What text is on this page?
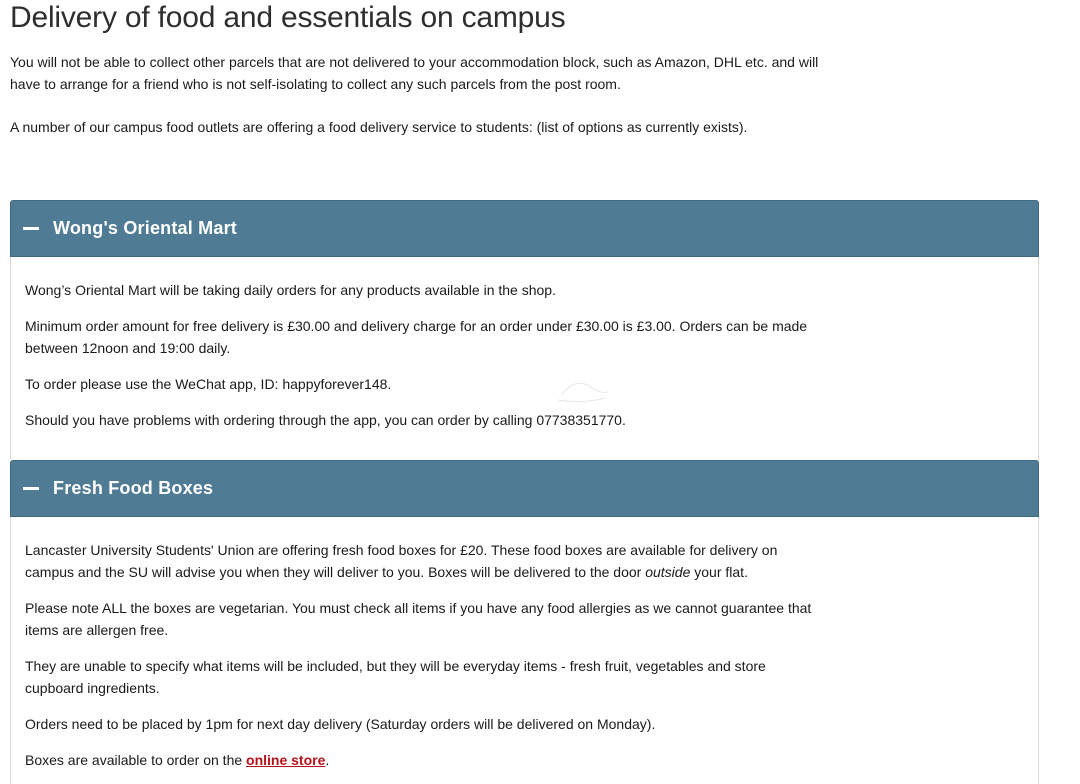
Delivery of food and essentials on campus

You will not be able to collect other parcels that are not delivered to your accommodation block, such as Amazon, DHL etc. and will have to arrange for a friend who is not self-isolating to collect any such parcels from the post room.

A number of our campus food outlets are offering a food delivery service to students: (list of options as currently exists).

Wong's Oriental Mart

Wong’s Oriental Mart will be taking daily orders for any products available in the shop.

Minimum order amount for free delivery is £30.00 and delivery charge for an order under £30.00 is £3.00. Orders can be made between 12noon and 19:00 daily.

To order please use the WeChat app, ID: happyforever148.

Should you have problems with ordering through the app, you can order by calling 07738351770.

Fresh Food Boxes

Lancaster University Students' Union are offering fresh food boxes for £20. These food boxes are available for delivery on campus and the SU will advise you when they will deliver to you. Boxes will be delivered to the door outside your flat.

Please note ALL the boxes are vegetarian. You must check all items if you have any food allergies as we cannot guarantee that items are allergen free.

They are unable to specify what items will be included, but they will be everyday items - fresh fruit, vegetables and store cupboard ingredients.

Orders need to be placed by 1pm for next day delivery (Saturday orders will be delivered on Monday).

Boxes are available to order on the online store.
